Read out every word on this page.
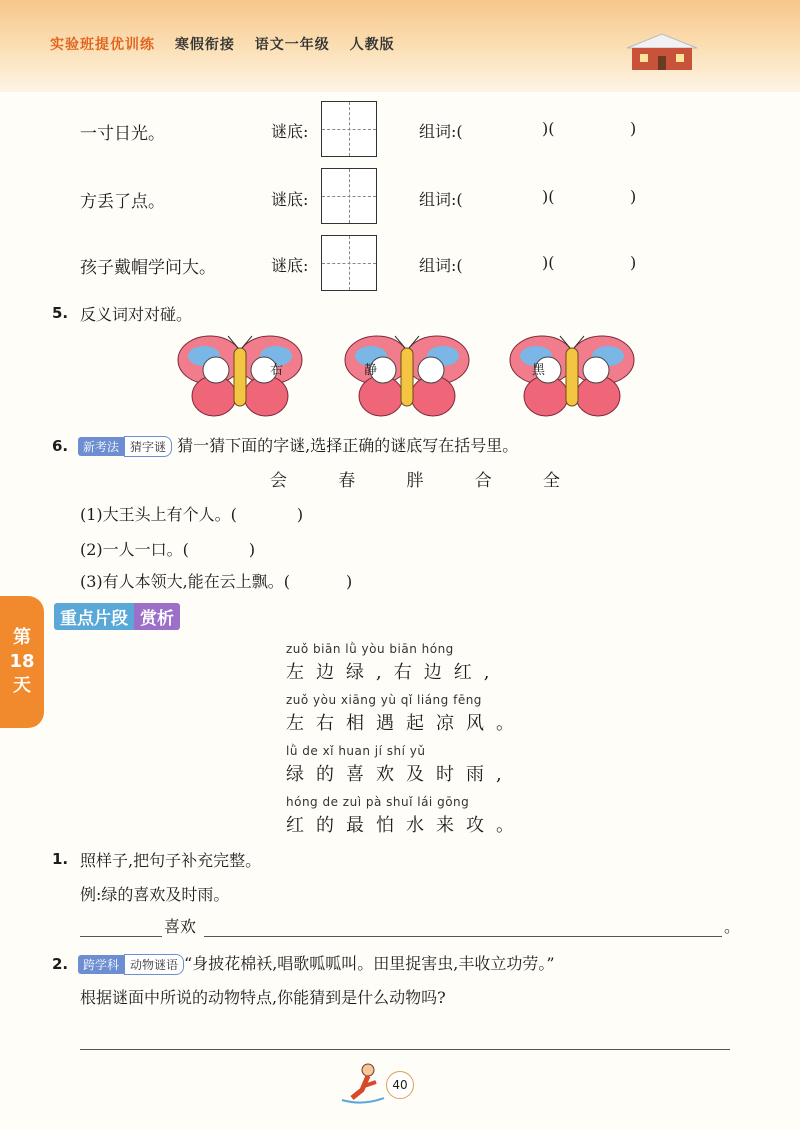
实验班提优训练 寒假衔接 语文一年级 人教版
一寸日光。	谜底:	组词:(	)(	)
方丢了点。	谜底:	组词:(	)(	)
孩子戴帽学问大。	谜底:	组词:(	)(	)
5. 反义词对对碰。
右	静	黑
6.	新考法 猜字谜 猜一猜下面的字谜,选择正确的谜底写在括号里。
会	春	胖	合	全
(1)大王头上有个人。(	)
(2)一人一口。(	)
(3)有人本领大,能在云上飘。(	)
第
18
天
重点片段 赏析
zuǒ biān lǜ yòu biān hóng
左边绿,右边红,
zuǒ yòu xiāng yù qǐ liáng fēng
左右相遇起凉风。
lǜ de xǐ huan jí shí yǔ
绿的喜欢及时雨,
hóng de zuì pà shuǐ lái gōng
红的最怕水来攻。
1. 照样子,把句子补充完整。
例:绿的喜欢及时雨。
喜欢	。
2.	跨学科 动物谜语 “身披花棉袄,唱歌呱呱叫。田里捉害虫,丰收立功劳。”
根据谜面中所说的动物特点,你能猜到是什么动物吗?
40
